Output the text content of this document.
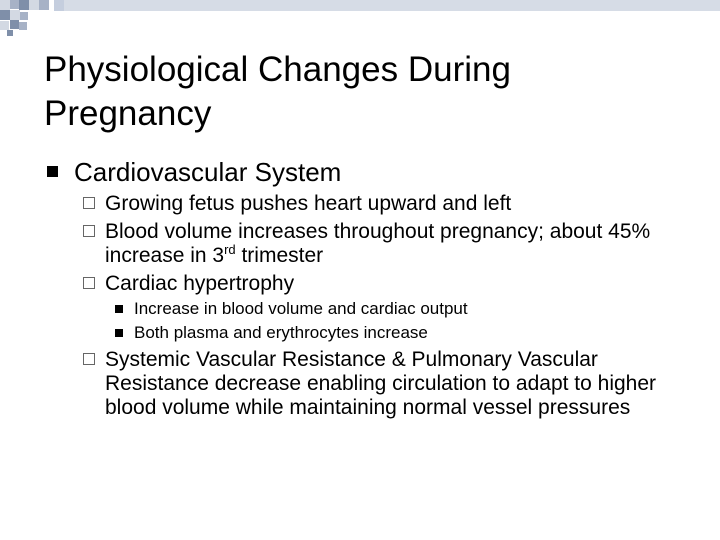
Physiological Changes During
Pregnancy
Cardiovascular System
Growing fetus pushes heart upward and left
Blood volume increases throughout pregnancy; about 45% increase in 3rd trimester
Cardiac hypertrophy
Increase in blood volume and cardiac output
Both plasma and erythrocytes increase
Systemic Vascular Resistance & Pulmonary Vascular Resistance decrease enabling circulation to adapt to higher blood volume while maintaining normal vessel pressures
